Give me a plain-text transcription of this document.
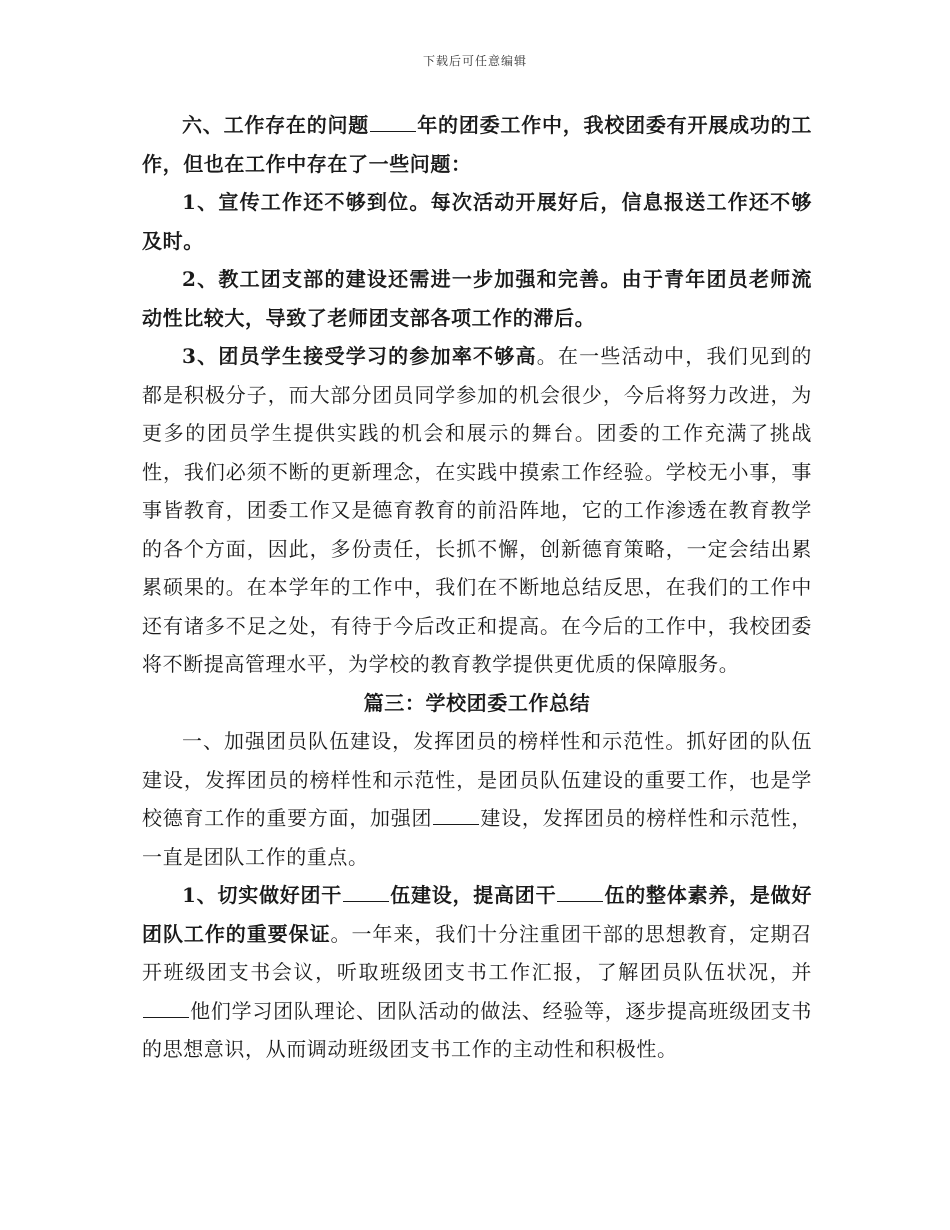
下载后可任意编辑

六、工作存在的问题 年的团委工作中，我校团委有开展成功的工作，但也在工作中存在了一些问题：

1、宣传工作还不够到位。每次活动开展好后，信息报送工作还不够及时。

2、教工团支部的建设还需进一步加强和完善。由于青年团员老师流动性比较大，导致了老师团支部各项工作的滞后。

3、团员学生接受学习的参加率不够高。在一些活动中，我们见到的都是积极分子，而大部分团员同学参加的机会很少，今后将努力改进，为更多的团员学生提供实践的机会和展示的舞台。团委的工作充满了挑战性，我们必须不断的更新理念，在实践中摸索工作经验。学校无小事，事事皆教育，团委工作又是德育教育的前沿阵地，它的工作渗透在教育教学的各个方面，因此，多份责任，长抓不懈，创新德育策略，一定会结出累累硕果的。在本学年的工作中，我们在不断地总结反思，在我们的工作中还有诸多不足之处，有待于今后改正和提高。在今后的工作中，我校团委将不断提高管理水平，为学校的教育教学提供更优质的保障服务。

篇三：学校团委工作总结

一、加强团员队伍建设，发挥团员的榜样性和示范性。抓好团的队伍建设，发挥团员的榜样性和示范性，是团员队伍建设的重要工作，也是学校德育工作的重要方面，加强团 建设，发挥团员的榜样性和示范性，一直是团队工作的重点。

1、切实做好团干 伍建设，提高团干 伍的整体素养，是做好团队工作的重要保证。一年来，我们十分注重团干部的思想教育，定期召开班级团支书会议，听取班级团支书工作汇报，了解团员队伍状况，并他们学习团队理论、团队活动的做法、经验等，逐步提高班级团支书的思想意识，从而调动班级团支书工作的主动性和积极性。
